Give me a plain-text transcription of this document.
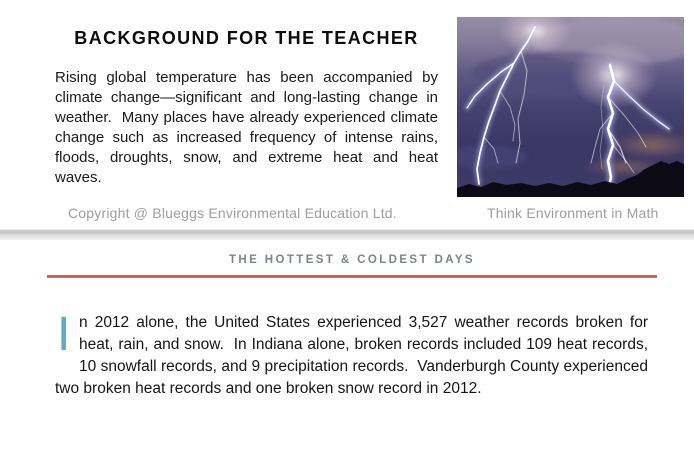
BACKGROUND FOR THE TEACHER

Rising global temperature has been accompanied by climate change—significant and long-lasting change in weather.  Many places have already experienced climate change such as increased frequency of intense rains, floods, droughts, snow, and extreme heat and heat waves.

Copyright @ Blueggs Environmental Education Ltd.	Think Environment in Math
THE HOTTEST & COLDEST DAYS

In 2012 alone, the United States experienced 3,527 weather records broken for heat, rain, and snow.  In Indiana alone, broken records included 109 heat records, 10 snowfall records, and 9 precipitation records.  Vanderburgh County experienced two broken heat records and one broken snow record in 2012.
